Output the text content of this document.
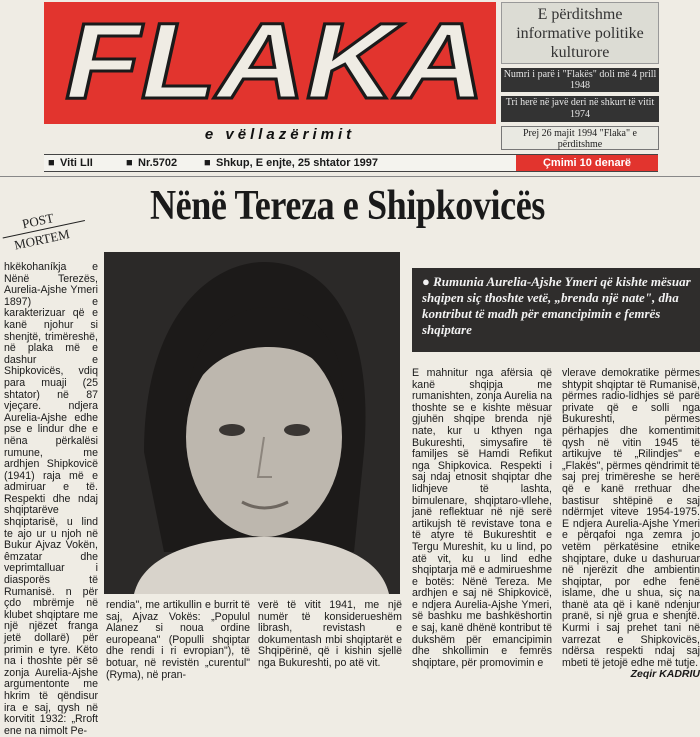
FLAKA
e vëllazërimit
E përditshme informative politike kulturore
Numri i parë i "Flakës" doli më 4 prill 1948
Tri herë në javë deri në shkurt të vitit 1974
Prej 26 majit 1994 "Flaka" e përditshme
■ Viti LII	■ Nr.5702 ■ Shkup, E enjte, 25 shtator 1997	Çmimi 10 denarë
POST
MORTEM
Nënë Tereza e Shipkovicës
● Rumunia Aurelia-Ajshe Ymeri që kishte mësuar shqipen siç thoshte vetë, „brenda një nate", dha kontribut të madh për emancipimin e femrës shqiptare

hkëkohaníkja e Nënë Terezës, Aurelia-Ajshe Ymeri 1897) e karakterizuar që e kanë njohur si shenjtë, trimëreshë, në plaka më e dashur e Shipkovicës, vdiq para muaji (25 shtator) në 87 vjeçare. ndjera Aurelia-Ajshe edhe pse e lindur dhe e nëna përkalësi rumune, me ardhjen Shipkovicë (1941) raja më e admiruar e të. Respekti dhe ndaj shqiptarëve shqiptarisë, u lind te ajo ur u njoh në Bukur Ajvaz Vokën, êmzatar dhe veprimtalluar i diasporës të Rumanisë. n për çdo mbrëmje në klubet shqiptare me një njëzet franga jetë dollarë) për primin e tyre. Këto na i thoshte për së zonja Aurelia-Ajshe argumentonte me hkrim të qëndisur ira e saj, qysh në korvitit 1932: „Rroft ene na nimolt Pe-

rendia", me artikullin e burrit të saj, Ajvaz Vokës: „Populul Alanez si noua ordine europeana" (Populli shqiptar dhe rendi i ri evropian"), të botuar, në revistën „curentul" (Ryma), në pran-

verë të vitit 1941, me një numër të konsiderueshëm librash, revistash e dokumentash mbi shqiptarët e Shqipërinë, që i kishin sjellë nga Bukureshti, po atë vit.

E mahnitur nga afërsia që kanë shqipja me rumanishten, zonja Aurelia na thoshte se e kishte mësuar gjuhën shqipe brenda një nate, kur u kthyen nga Bukureshti, simysafire të familjes së Hamdi Refikut nga Shipkovica. Respekti i saj ndaj etnosit shqiptar dhe lidhjeve të lashta, bimulenare, shqiptaro-vllehe, janë reflektuar në një serë artikujsh të revistave tona e të atyre të Bukureshtit e Tergu Mureshit, ku u lind, po atë vit, ku u lind edhe shqiptarja më e admirueshme e botës: Nënë Tereza. Me ardhjen e saj në Shipkovicë, e ndjera Aurelia-Ajshe Ymeri, së bashku me bashkëshortin e saj, kanë dhënë kontribut të dukshëm për emancipimin dhe shkollimin e femrës shqiptare, për promovimin e

vlerave demokratike përmes shtypit shqiptar të Rumanisë, përmes radio-lidhjes së parë private që e solli nga Bukureshti, përmes përhapjes dhe komentimit qysh në vitin 1945 të artikujve të „Rilindjes" e „Flakës", përmes qëndrimit të saj prej trimëreshe se herë që e kanë rrethuar dhe bastisur shtëpinë e saj ndërmjet viteve 1954-1975. E ndjera Aurelia-Ajshe Ymeri e përqafoi nga zemra jo vetëm përkatësine etnike shqiptare, duke u dashuruar në njerëzit dhe ambientin shqiptar, por edhe fenë islame, dhe u shua, siç na thanë ata që i kanë ndenjur pranë, si një grua e shenjtë. Kurmi i saj prehet tani në varrezat e Shipkovicës, ndërsa respekti ndaj saj mbeti të jetojë edhe më tutje.

Zeqir KADRIU
